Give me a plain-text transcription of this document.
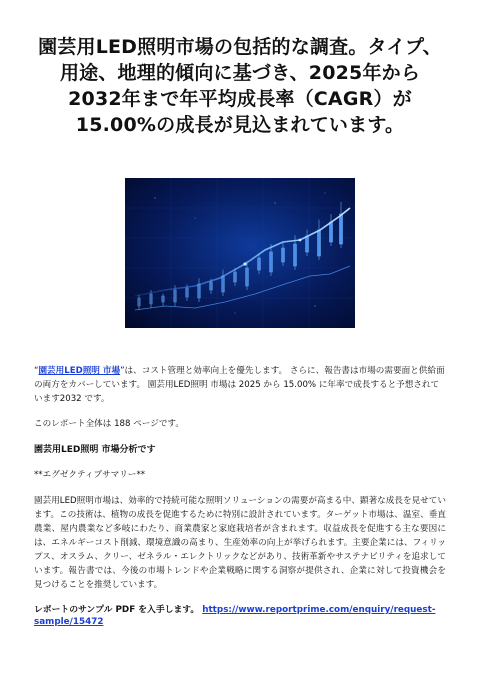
園芸用LED照明市場の包括的な調査。タイプ、用途、地理的傾向に基づき、2025年から2032年まで年平均成長率（CAGR）が15.00%の成長が見込まれています。

“園芸用LED照明 市場”は、コスト管理と効率向上を優先します。 さらに、報告書は市場の需要面と供給面の両方をカバーしています。 園芸用LED照明 市場は 2025 から 15.00% に年率で成長すると予想されています2032 です。

このレポート全体は 188 ページです。

園芸用LED照明 市場分析です

**エグゼクティブサマリー**

園芸用LED照明市場は、効率的で持続可能な照明ソリューションの需要が高まる中、顕著な成長を見せています。この技術は、植物の成長を促進するために特別に設計されています。ターゲット市場は、温室、垂直農業、屋内農業など多岐にわたり、商業農家と家庭栽培者が含まれます。収益成長を促進する主な要因には、エネルギーコスト削減、環境意識の高まり、生産効率の向上が挙げられます。主要企業には、フィリップス、オスラム、クリー、ゼネラル・エレクトリックなどがあり、技術革新やサステナビリティを追求しています。報告書では、今後の市場トレンドや企業戦略に関する洞察が提供され、企業に対して投資機会を見つけることを推奨しています。

レポートのサンプル PDF を入手します。 https://www.reportprime.com/enquiry/request-sample/15472
